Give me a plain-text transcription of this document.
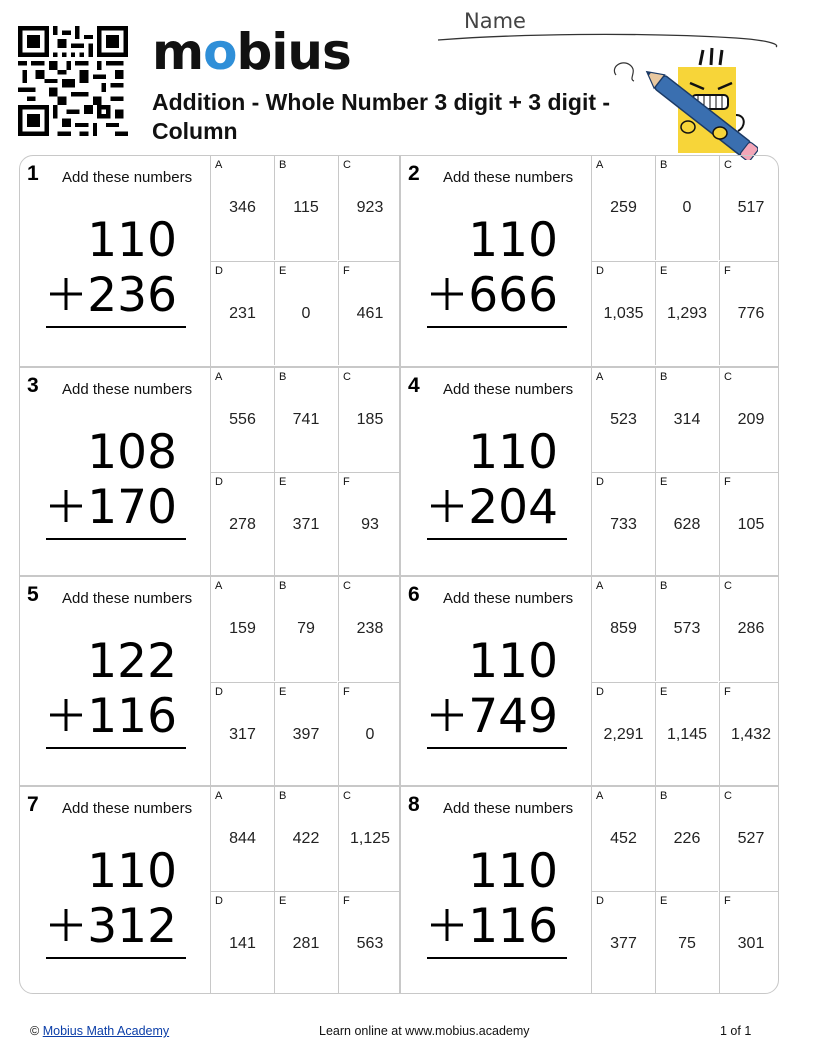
mobius
Addition - Whole Number 3 digit + 3 digit - Column
Name
1 Add these numbers
110
236
A
346
B
115
C
923
D
231
E
0
F
461
2 Add these numbers
110
666
A
259
B
0
C
517
D
1,035
E
1,293
F
776
3 Add these numbers
108
170
A
556
B
741
C
185
D
278
E
371
F
93
4 Add these numbers
110
204
A
523
B
314
C
209
D
733
E
628
F
105
5 Add these numbers
122
116
A
159
B
79
C
238
D
317
E
397
F
0
6 Add these numbers
110
749
A
859
B
573
C
286
D
2,291
E
1,145
F
1,432
7 Add these numbers
110
312
A
844
B
422
C
1,125
D
141
E
281
F
563
8 Add these numbers
110
116
A
452
B
226
C
527
D
377
E
75
F
301
© Mobius Math Academy	Learn online at www.mobius.academy	1 of 1
